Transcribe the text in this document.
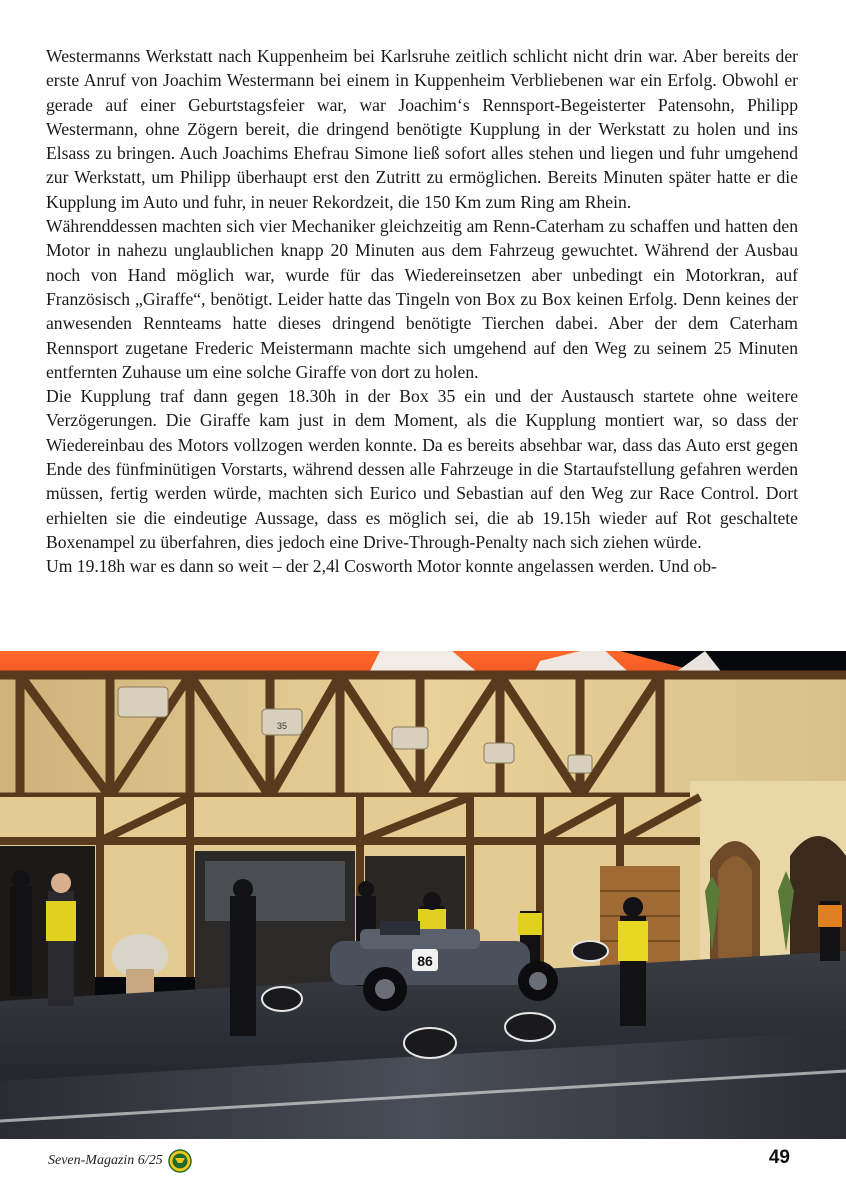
Westermanns Werkstatt nach Kuppenheim bei Karlsruhe zeitlich schlicht nicht drin war. Aber bereits der erste Anruf von Joachim Westermann bei einem in Kuppenheim Verbliebenen war ein Erfolg. Obwohl er gerade auf einer Geburtstagsfeier war, war Joachim‘s Rennsport-Begeisterter Patensohn, Philipp Westermann, ohne Zögern bereit, die dringend benötigte Kupplung in der Werkstatt zu holen und ins Elsass zu bringen. Auch Joachims Ehefrau Simone ließ sofort alles stehen und liegen und fuhr umgehend zur Werkstatt, um Philipp überhaupt erst den Zutritt zu ermöglichen. Bereits Minuten später hatte er die Kupplung im Auto und fuhr, in neuer Rekordzeit, die 150 Km zum Ring am Rhein.

Währenddessen machten sich vier Mechaniker gleichzeitig am Renn-Caterham zu schaffen und hatten den Motor in nahezu unglaublichen knapp 20 Minuten aus dem Fahrzeug gewuchtet. Während der Ausbau noch von Hand möglich war, wurde für das Wiedereinsetzen aber unbedingt ein Motorkran, auf Französisch „Giraffe“, benötigt. Leider hatte das Tingeln von Box zu Box keinen Erfolg. Denn keines der anwesenden Rennteams hatte dieses dringend benötigte Tierchen dabei. Aber der dem Caterham Rennsport zugetane Frederic Meistermann machte sich umgehend auf den Weg zu seinem 25 Minuten entfernten Zuhause um eine solche Giraffe von dort zu holen.

Die Kupplung traf dann gegen 18.30h in der Box 35 ein und der Austausch startete ohne weitere Verzögerungen. Die Giraffe kam just in dem Moment, als die Kupplung montiert war, so dass der Wiedereinbau des Motors vollzogen werden konnte. Da es bereits absehbar war, dass das Auto erst gegen Ende des fünfminütigen Vorstarts, während dessen alle Fahrzeuge in die Startaufstellung gefahren werden müssen, fertig werden würde, machten sich Eurico und Sebastian auf den Weg zur Race Control. Dort erhielten sie die eindeutige Aussage, dass es möglich sei, die ab 19.15h wieder auf Rot geschaltete Boxenampel zu überfahren, dies jedoch eine Drive-Through-Penalty nach sich ziehen würde.

Um 19.18h war es dann so weit – der 2,4l Cosworth Motor konnte angelassen werden. Und ob-

35
86
Seven-Magazin 6/25	49
